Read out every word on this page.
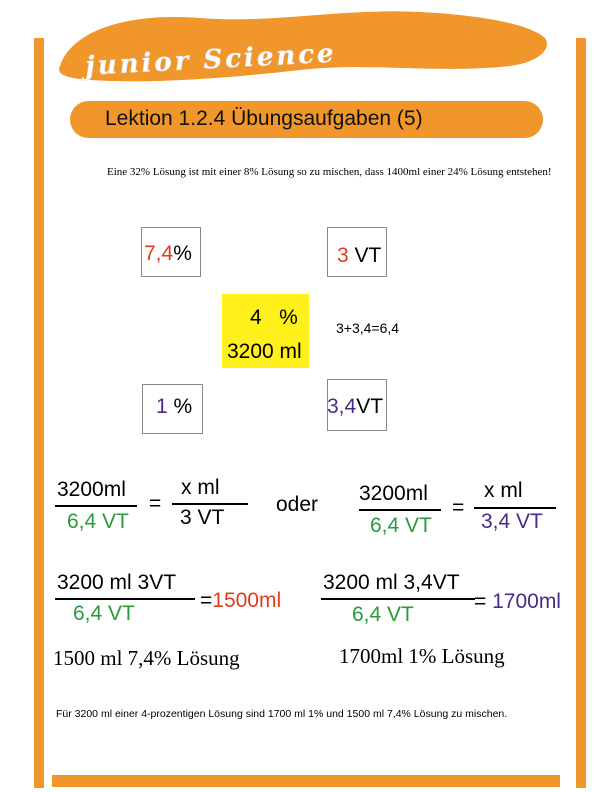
junior Science
Lektion 1.2.4 Übungsaufgaben (5)
Eine 32% Lösung ist mit einer 8% Lösung so zu mischen, dass 1400ml einer 24% Lösung entstehen!
7,4%	3 VT
4   %
3200 ml
3+3,4=6,4
1 %	3,4VT
3200ml
6,4 VT
=
x ml
3 VT
oder 3200ml
6,4 VT
=
x ml
3,4 VT
3200 ml 3VT
6,4 VT
=1500ml
1500 ml 7,4% Lösung
3200 ml 3,4VT
6,4 VT
= 1700ml
1700ml 1% Lösung
Für 3200 ml einer 4-prozentigen Lösung sind 1700 ml 1% und 1500 ml 7,4% Lösung zu mischen.
